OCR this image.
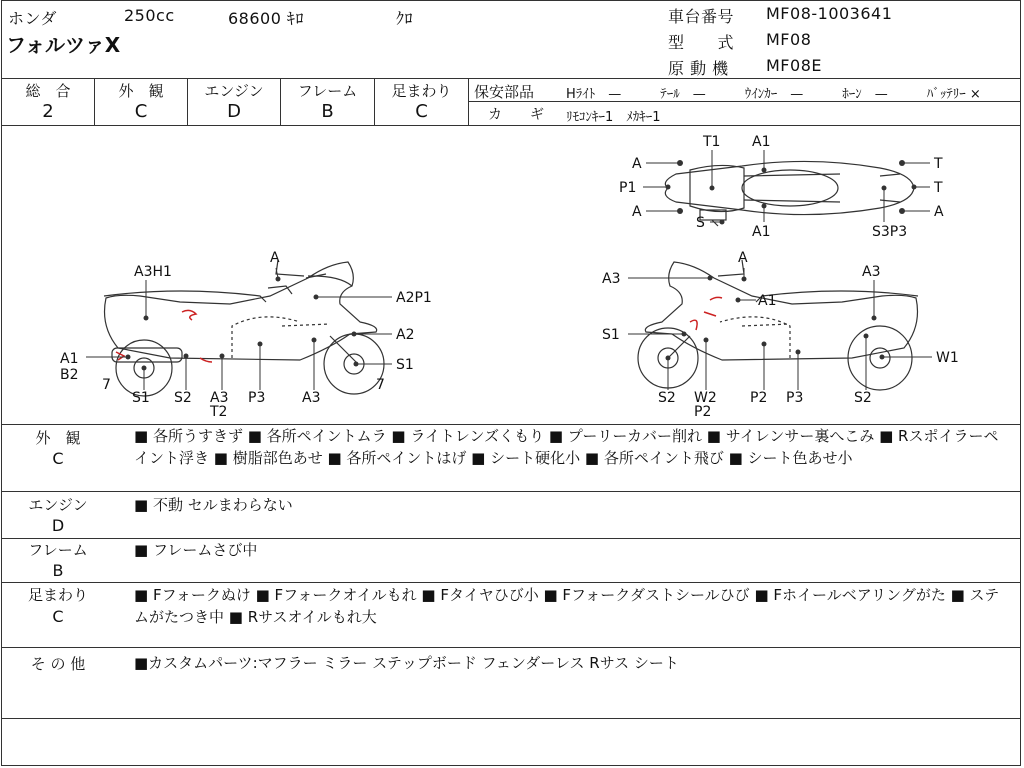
ホンダ	250cc	68600 ｷﾛ	ｸﾛ
フォルツァX
車台番号 MF08-1003641
型　　式 MF08
原 動 機 MF08E
総　合
2
外　観
C
エンジン
D
フレーム
B
足まわり
C
保安部品 Hﾗｲﾄ　—　　　ﾃｰﾙ　—　　　ｳｲﾝｶｰ　—　　　ﾎｰﾝ　—　　　ﾊﾞｯﾃﾘｰ ×
カ　　ギ ﾘﾓｺﾝｷｰ1　ﾒｶｷｰ1
A
P1
A
T1 A1
S
A1
T
T
A
S3P3
A
A3H1
A2P1
A2
A1
B2
S1
7	7
S1 S2 A3
T2
P3	A3
A
A3	A3
A1
S1
W1
S2 W2
P2
P2 P3	S2
外　観
C
■ 各所うすきず ■ 各所ペイントムラ ■ ライトレンズくもり ■ プーリーカバー削れ ■ サイレンサー裏へこみ ■ Rスポイラーペイント浮き ■ 樹脂部色あせ ■ 各所ペイントはげ ■ シート硬化小 ■ 各所ペイント飛び ■ シート色あせ小
エンジン
D
■ 不動 セルまわらない
フレーム
B
■ フレームさび中
足まわり
C
■ Fフォークぬけ ■ Fフォークオイルもれ ■ Fタイヤひび小 ■ Fフォークダストシールひび ■ Fホイールベアリングがた ■ ステムがたつき中 ■ Rサスオイルもれ大
そ の 他	■カスタムパーツ:マフラー ミラー ステップボード フェンダーレス Rサス シート
